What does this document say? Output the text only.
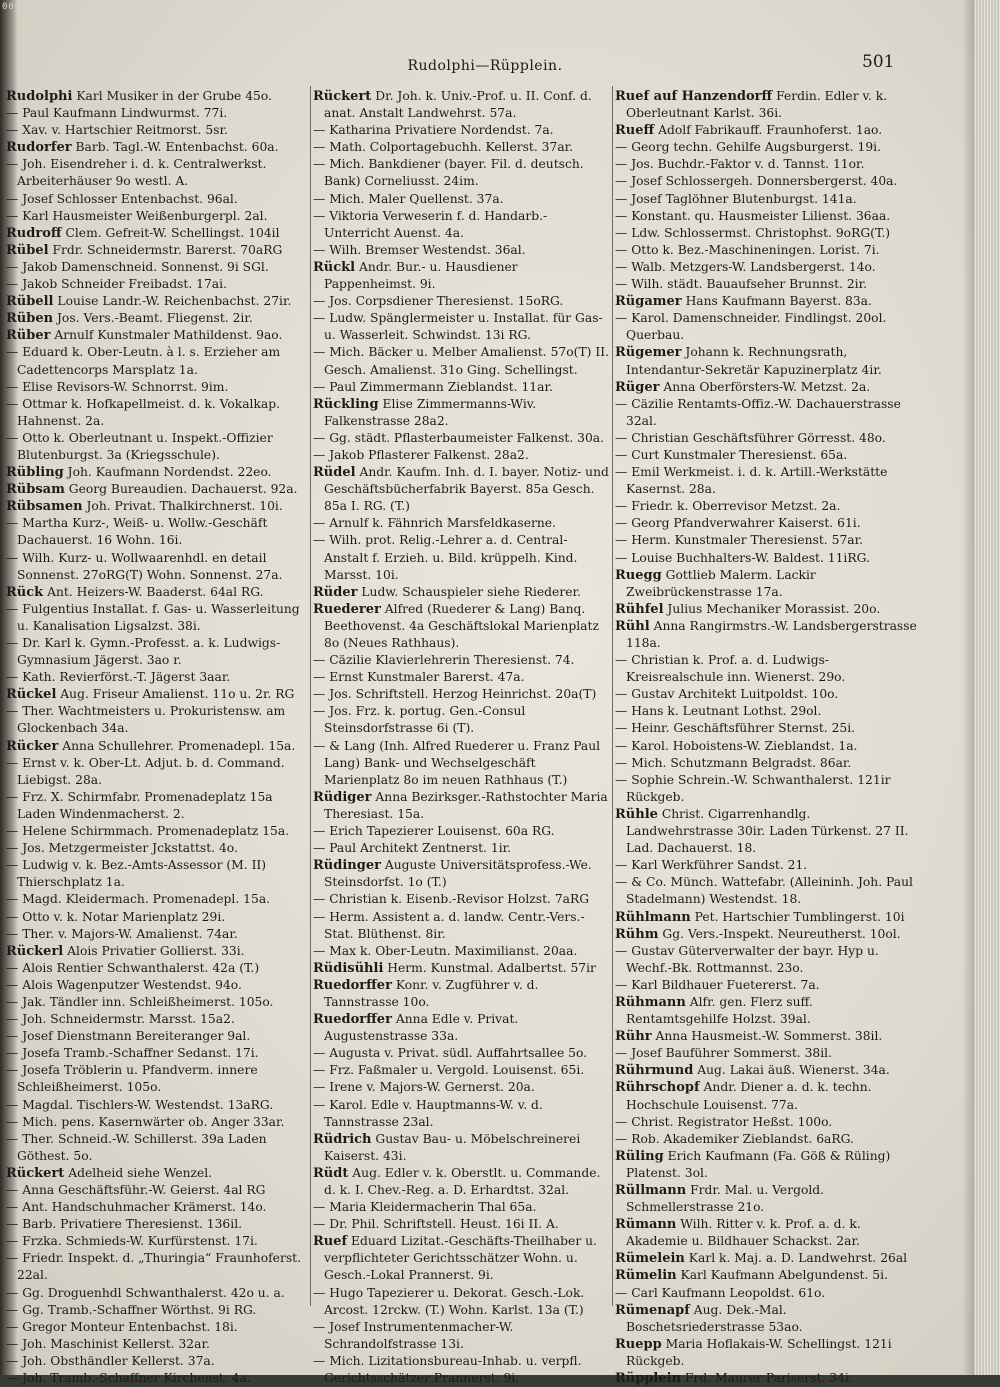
00092425
Rudolphi—Rüpplein.	501

Rudolphi Karl Musiker in der Grube 45o.

— Paul Kaufmann Lindwurmst. 77i.

— Xav. v. Hartschier Reitmorst. 5sr.

Rudorfer Barb. Tagl.-W. Entenbachst. 60a.

— Joh. Eisendreher i. d. k. Centralwerkst. Arbeiterhäuser 9o westl. A.

— Josef Schlosser Entenbachst. 96al.

— Karl Hausmeister Weißenburgerpl. 2al.

Rudroff Clem. Gefreit-W. Schellingst. 104il

Rübel Frdr. Schneidermstr. Barerst. 70aRG

— Jakob Damenschneid. Sonnenst. 9i SGl.

— Jakob Schneider Freibadst. 17ai.

Rübell Louise Landr.-W. Reichenbachst. 27ir.

Rüben Jos. Vers.-Beamt. Fliegenst. 2ir.

Rüber Arnulf Kunstmaler Mathildenst. 9ao.

— Eduard k. Ober-Leutn. à l. s. Erzieher am Cadettencorps Marsplatz 1a.

— Elise Revisors-W. Schnorrst. 9im.

— Ottmar k. Hofkapellmeist. d. k. Vokalkap. Hahnenst. 2a.

— Otto k. Oberleutnant u. Inspekt.-Offizier Blutenburgst. 3a (Kriegsschule).

Rübling Joh. Kaufmann Nordendst. 22eo.

Rübsam Georg Bureaudien. Dachauerst. 92a.

Rübsamen Joh. Privat. Thalkirchnerst. 10i.

— Martha Kurz-, Weiß- u. Wollw.-Geschäft Dachauerst. 16 Wohn. 16i.

— Wilh. Kurz- u. Wollwaarenhdl. en detail Sonnenst. 27oRG(T) Wohn. Sonnenst. 27a.

Rück Ant. Heizers-W. Baaderst. 64al RG.

— Fulgentius Installat. f. Gas- u. Wasserleitung u. Kanalisation Ligsalzst. 38i.

— Dr. Karl k. Gymn.-Professt. a. k. Ludwigs-Gymnasium Jägerst. 3ao r.

— Kath. Revierförst.-T. Jägerst 3aar.

Rückel Aug. Friseur Amalienst. 11o u. 2r. RG

— Ther. Wachtmeisters u. Prokuristensw. am Glockenbach 34a.

Rücker Anna Schullehrer. Promenadepl. 15a.

— Ernst v. k. Ober-Lt. Adjut. b. d. Command. Liebigst. 28a.

— Frz. X. Schirmfabr. Promenadeplatz 15a Laden Windenmacherst. 2.

— Helene Schirmmach. Promenadeplatz 15a.

— Jos. Metzgermeister Jckstattst. 4o.

— Ludwig v. k. Bez.-Amts-Assessor (M. II) Thierschplatz 1a.

— Magd. Kleidermach. Promenadepl. 15a.

— Otto v. k. Notar Marienplatz 29i.

— Ther. v. Majors-W. Amalienst. 74ar.

Rückerl Alois Privatier Gollierst. 33i.

— Alois Rentier Schwanthalerst. 42a (T.)

— Alois Wagenputzer Westendst. 94o.

— Jak. Tändler inn. Schleißheimerst. 105o.

— Joh. Schneidermstr. Marsst. 15a2.

— Josef Dienstmann Bereiteranger 9al.

— Josefa Tramb.-Schaffner Sedanst. 17i.

— Josefa Tröblerin u. Pfandverm. innere Schleißheimerst. 105o.

— Magdal. Tischlers-W. Westendst. 13aRG.

— Mich. pens. Kasernwärter ob. Anger 33ar.

— Ther. Schneid.-W. Schillerst. 39a Laden Göthest. 5o.

Rückert Adelheid siehe Wenzel.

— Anna Geschäftsführ.-W. Geierst. 4al RG

— Ant. Handschuhmacher Krämerst. 14o.

— Barb. Privatiere Theresienst. 136il.

— Frzka. Schmieds-W. Kurfürstenst. 17i.

— Friedr. Inspekt. d. „Thuringia“ Fraunhoferst. 22al.

— Gg. Droguenhdl Schwanthalerst. 42o u. a.

— Gg. Tramb.-Schaffner Wörthst. 9i RG.

— Gregor Monteur Entenbachst. 18i.

— Joh. Maschinist Kellerst. 32ar.

— Joh. Obsthändler Kellerst. 37a.

— Joh. Tramb.-Schaffner Kirchenst. 4a.

Rückert Dr. Joh. k. Univ.-Prof. u. II. Conf. d. anat. Anstalt Landwehrst. 57a.

— Katharina Privatiere Nordendst. 7a.

— Math. Colportagebuchh. Kellerst. 37ar.

— Mich. Bankdiener (bayer. Fil. d. deutsch. Bank) Corneliusst. 24im.

— Mich. Maler Quellenst. 37a.

— Viktoria Verweserin f. d. Handarb.-Unterricht Auenst. 4a.

— Wilh. Bremser Westendst. 36al.

Rückl Andr. Bur.- u. Hausdiener Pappenheimst. 9i.

— Jos. Corpsdiener Theresienst. 15oRG.

— Ludw. Spänglermeister u. Installat. für Gas- u. Wasserleit. Schwindst. 13i RG.

— Mich. Bäcker u. Melber Amalienst. 57o(T) II. Gesch. Amalienst. 31o Ging. Schellingst.

— Paul Zimmermann Zieblandst. 11ar.

Rückling Elise Zimmermanns-Wiv. Falkenstrasse 28a2.

— Gg. städt. Pflasterbaumeister Falkenst. 30a.

— Jakob Pflasterer Falkenst. 28a2.

Rüdel Andr. Kaufm. Inh. d. I. bayer. Notiz- und Geschäftsbücherfabrik Bayerst. 85a Gesch. 85a I. RG. (T.)

— Arnulf k. Fähnrich Marsfeldkaserne.

— Wilh. prot. Relig.-Lehrer a. d. Central-Anstalt f. Erzieh. u. Bild. krüppelh. Kind. Marsst. 10i.

Rüder Ludw. Schauspieler siehe Riederer.

Ruederer Alfred (Ruederer & Lang) Banq. Beethovenst. 4a Geschäftslokal Marienplatz 8o (Neues Rathhaus).

— Cäzilie Klavierlehrerin Theresienst. 74.

— Ernst Kunstmaler Barerst. 47a.

— Jos. Schriftstell. Herzog Heinrichst. 20a(T)

— Jos. Frz. k. portug. Gen.-Consul Steinsdorfstrasse 6i (T).

— & Lang (Inh. Alfred Ruederer u. Franz Paul Lang) Bank- und Wechselgeschäft Marienplatz 8o im neuen Rathhaus (T.)

Rüdiger Anna Bezirksger.-Rathstochter Maria Theresiast. 15a.

— Erich Tapezierer Louisenst. 60a RG.

— Paul Architekt Zentnerst. 1ir.

Rüdinger Auguste Universitätsprofess.-We. Steinsdorfst. 1o (T.)

— Christian k. Eisenb.-Revisor Holzst. 7aRG

— Herm. Assistent a. d. landw. Centr.-Vers.-Stat. Blüthenst. 8ir.

— Max k. Ober-Leutn. Maximilianst. 20aa.

Rüdisühli Herm. Kunstmal. Adalbertst. 57ir

Ruedorffer Konr. v. Zugführer v. d. Tannstrasse 10o.

Ruedorffer Anna Edle v. Privat. Augustenstrasse 33a.

— Augusta v. Privat. südl. Auffahrtsallee 5o.

— Frz. Faßmaler u. Vergold. Louisenst. 65i.

— Irene v. Majors-W. Gernerst. 20a.

— Karol. Edle v. Hauptmanns-W. v. d. Tannstrasse 23al.

Rüdrich Gustav Bau- u. Möbelschreinerei Kaiserst. 43i.

Rüdt Aug. Edler v. k. Oberstlt. u. Commande. d. k. I. Chev.-Reg. a. D. Erhardtst. 32al.

— Maria Kleidermacherin Thal 65a.

— Dr. Phil. Schriftstell. Heust. 16i II. A.

Ruef Eduard Lizitat.-Geschäfts-Theilhaber u. verpflichteter Gerichtsschätzer Wohn. u. Gesch.-Lokal Prannerst. 9i.

— Hugo Tapezierer u. Dekorat. Gesch.-Lok. Arcost. 12rckw. (T.) Wohn. Karlst. 13a (T.)

— Josef Instrumentenmacher-W. Schrandolfstrasse 13i.

— Mich. Lizitationsbureau-Inhab. u. verpfl. Gerichtsschätzer Prannerst. 9i.

Ruef auf Hanzendorff Ferdin. Edler v. k. Oberleutnant Karlst. 36i.

Rueff Adolf Fabrikauff. Fraunhoferst. 1ao.

— Georg techn. Gehilfe Augsburgerst. 19i.

— Jos. Buchdr.-Faktor v. d. Tannst. 11or.

— Josef Schlossergeh. Donnersbergerst. 40a.

— Josef Taglöhner Blutenburgst. 141a.

— Konstant. qu. Hausmeister Lilienst. 36aa.

— Ldw. Schlossermst. Christophst. 9oRG(T.)

— Otto k. Bez.-Maschineningen. Lorist. 7i.

— Walb. Metzgers-W. Landsbergerst. 14o.

— Wilh. städt. Bauaufseher Brunnst. 2ir.

Rügamer Hans Kaufmann Bayerst. 83a.

— Karol. Damenschneider. Findlingst. 20ol. Querbau.

Rügemer Johann k. Rechnungsrath, Intendantur-Sekretär Kapuzinerplatz 4ir.

Rüger Anna Oberförsters-W. Metzst. 2a.

— Cäzilie Rentamts-Offiz.-W. Dachauerstrasse 32al.

— Christian Geschäftsführer Görresst. 48o.

— Curt Kunstmaler Theresienst. 65a.

— Emil Werkmeist. i. d. k. Artill.-Werkstätte Kasernst. 28a.

— Friedr. k. Oberrevisor Metzst. 2a.

— Georg Pfandverwahrer Kaiserst. 61i.

— Herm. Kunstmaler Theresienst. 57ar.

— Louise Buchhalters-W. Baldest. 11iRG.

Ruegg Gottlieb Malerm. Lackir Zweibrückenstrasse 17a.

Rühfel Julius Mechaniker Morassist. 20o.

Rühl Anna Rangirmstrs.-W. Landsbergerstrasse 118a.

— Christian k. Prof. a. d. Ludwigs-Kreisrealschule inn. Wienerst. 29o.

— Gustav Architekt Luitpoldst. 10o.

— Hans k. Leutnant Lothst. 29ol.

— Heinr. Geschäftsführer Sternst. 25i.

— Karol. Hoboistens-W. Zieblandst. 1a.

— Mich. Schutzmann Belgradst. 86ar.

— Sophie Schrein.-W. Schwanthalerst. 121ir Rückgeb.

Rühle Christ. Cigarrenhandlg. Landwehrstrasse 30ir. Laden Türkenst. 27 II. Lad. Dachauerst. 18.

— Karl Werkführer Sandst. 21.

— & Co. Münch. Wattefabr. (Alleininh. Joh. Paul Stadelmann) Westendst. 18.

Rühlmann Pet. Hartschier Tumblingerst. 10i

Rühm Gg. Vers.-Inspekt. Neureutherst. 10ol.

— Gustav Güterverwalter der bayr. Hyp u. Wechf.-Bk. Rottmannst. 23o.

— Karl Bildhauer Fuetererst. 7a.

Rühmann Alfr. gen. Flerz suff. Rentamtsgehilfe Holzst. 39al.

Rühr Anna Hausmeist.-W. Sommerst. 38il.

— Josef Bauführer Sommerst. 38il.

Rührmund Aug. Lakai äuß. Wienerst. 34a.

Rührschopf Andr. Diener a. d. k. techn. Hochschule Louisenst. 77a.

— Christ. Registrator Heßst. 100o.

— Rob. Akademiker Zieblandst. 6aRG.

Rüling Erich Kaufmann (Fa. Göß & Rüling) Platenst. 3ol.

Rüllmann Frdr. Mal. u. Vergold. Schmellerstrasse 21o.

Rümann Wilh. Ritter v. k. Prof. a. d. k. Akademie u. Bildhauer Schackst. 2ar.

Rümelein Karl k. Maj. a. D. Landwehrst. 26al

Rümelin Karl Kaufmann Abelgundenst. 5i.

— Carl Kaufmann Leopoldst. 61o.

Rümenapf Aug. Dek.-Mal. Boschetsriederstrasse 53ao.

Ruepp Maria Hoflakais-W. Schellingst. 121i Rückgeb.

Rüpplein Frd. Maurer Pariserst. 34i.
